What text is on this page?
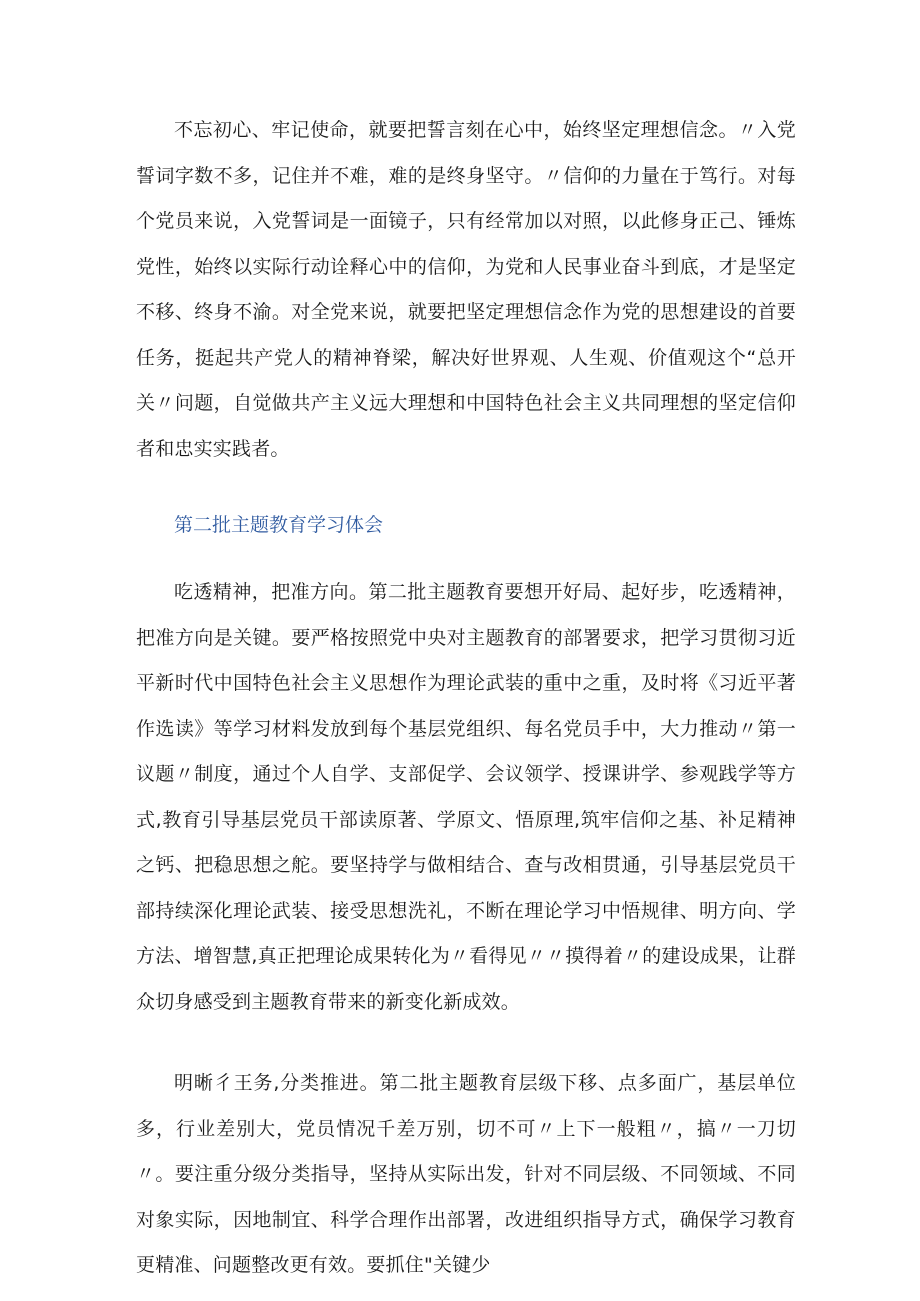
不忘初心、牢记使命，就要把誓言刻在心中，始终坚定理想信念。〃入党誓词字数不多，记住并不难，难的是终身坚守。〃信仰的力量在于笃行。对每个党员来说，入党誓词是一面镜子，只有经常加以对照，以此修身正己、锤炼党性，始终以实际行动诠释心中的信仰，为党和人民事业奋斗到底，才是坚定不移、终身不渝。对全党来说，就要把坚定理想信念作为党的思想建设的首要任务，挺起共产党人的精神脊梁，解决好世界观、人生观、价值观这个“总开关〃问题，自觉做共产主义远大理想和中国特色社会主义共同理想的坚定信仰者和忠实实践者。

第二批主题教育学习体会

吃透精神，把准方向。第二批主题教育要想开好局、起好步，吃透精神，把准方向是关键。要严格按照党中央对主题教育的部署要求，把学习贯彻习近平新时代中国特色社会主义思想作为理论武装的重中之重，及时将《习近平著作选读》等学习材料发放到每个基层党组织、每名党员手中，大力推动〃第一议题〃制度，通过个人自学、支部促学、会议领学、授课讲学、参观践学等方式,教育引导基层党员干部读原著、学原文、悟原理,筑牢信仰之基、补足精神之钙、把稳思想之舵。要坚持学与做相结合、查与改相贯通，引导基层党员干部持续深化理论武装、接受思想洗礼，不断在理论学习中悟规律、明方向、学方法、增智慧,真正把理论成果转化为〃看得见〃〃摸得着〃的建设成果，让群众切身感受到主题教育带来的新变化新成效。

明晰彳王务,分类推进。第二批主题教育层级下移、点多面广，基层单位多，行业差别大，党员情况千差万别，切不可〃上下一般粗〃，搞〃一刀切〃。要注重分级分类指导，坚持从实际出发，针对不同层级、不同领域、不同对象实际，因地制宜、科学合理作出部署，改进组织指导方式，确保学习教育更精准、问题整改更有效。要抓住"关键少
